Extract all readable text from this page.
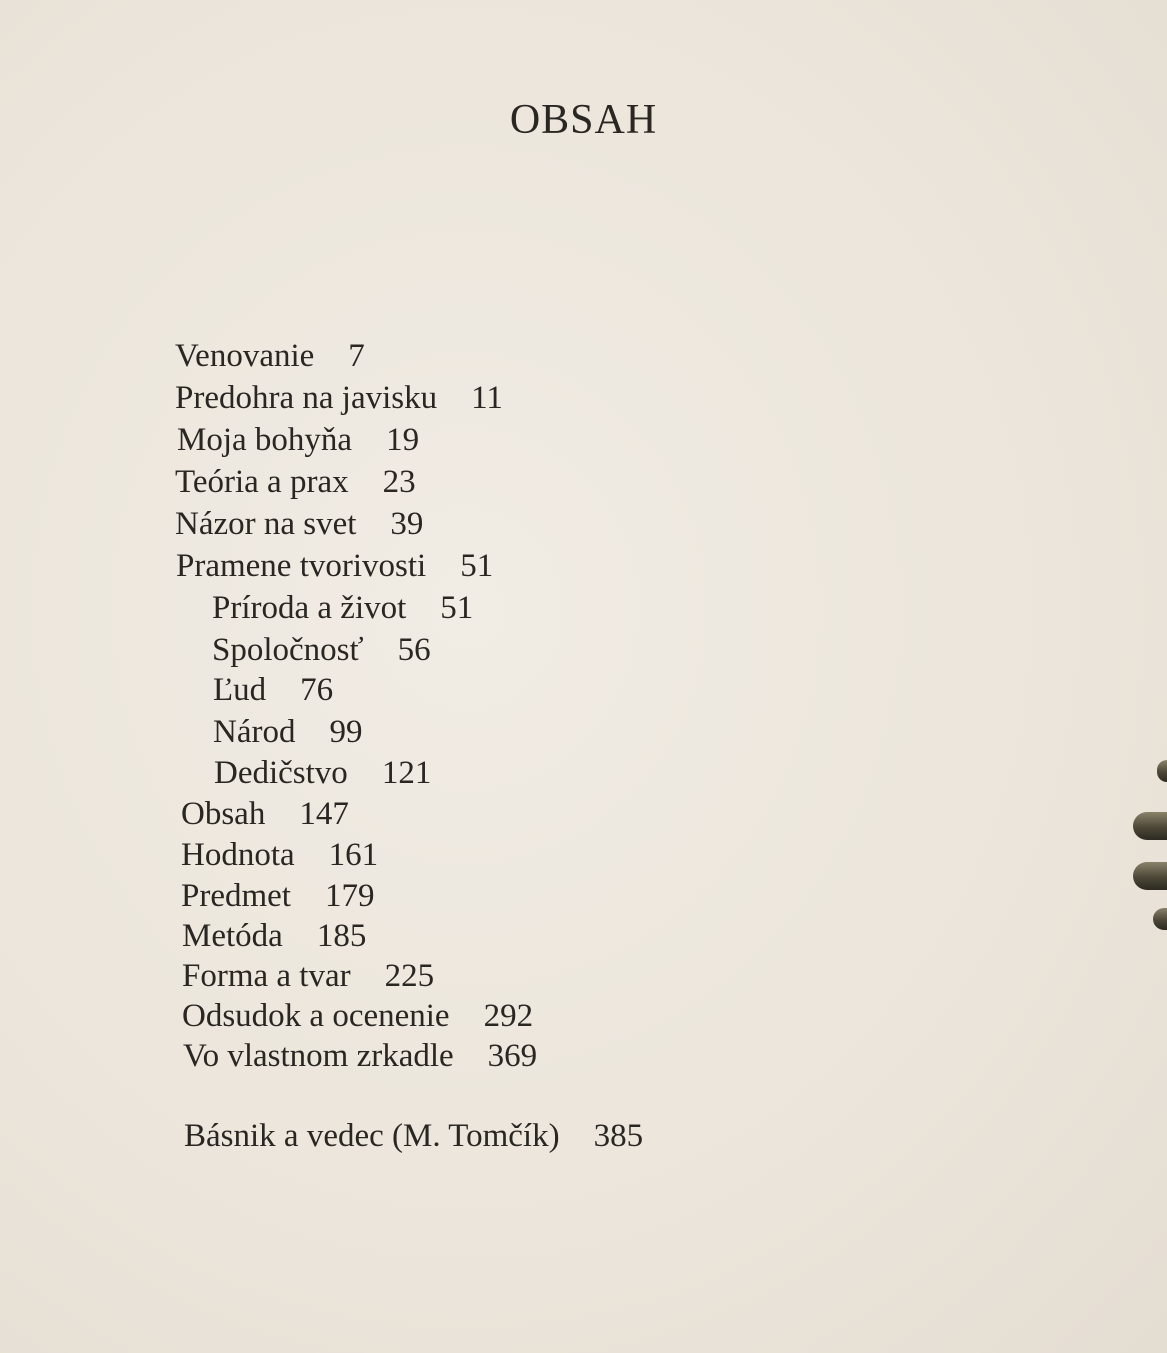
OBSAH
Venovanie 7
Predohra na javisku 11
Moja bohyňa 19
Teória a prax 23
Názor na svet 39
Pramene tvorivosti 51
Príroda a život 51
Spoločnosť 56
Ľud 76
Národ 99
Dedičstvo 121
Obsah 147
Hodnota 161
Predmet 179
Metóda 185
Forma a tvar 225
Odsudok a ocenenie 292
Vo vlastnom zrkadle 369
Básnik a vedec (M. Tomčík) 385
